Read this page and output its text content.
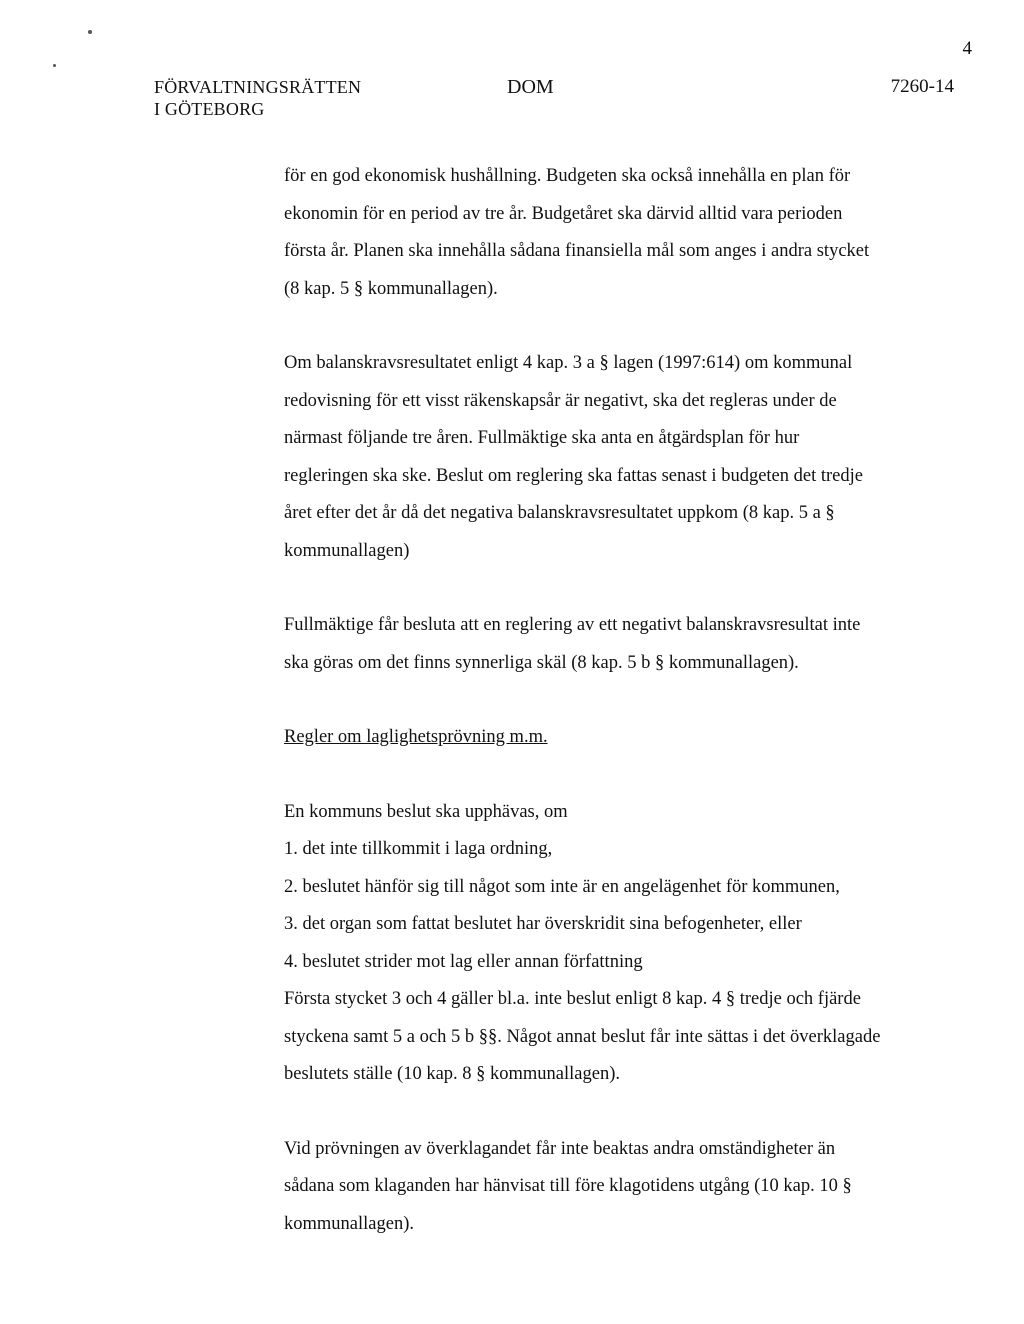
4
FÖRVALTNINGSRÄTTEN
I GÖTEBORG
DOM	7260-14

för en god ekonomisk hushållning. Budgeten ska också innehålla en plan för ekonomin för en period av tre år. Budgetåret ska därvid alltid vara perioden första år. Planen ska innehålla sådana finansiella mål som anges i andra stycket (8 kap. 5 § kommunallagen).

Om balanskravsresultatet enligt 4 kap. 3 a § lagen (1997:614) om kommunal redovisning för ett visst räkenskapsår är negativt, ska det regleras under de närmast följande tre åren. Fullmäktige ska anta en åtgärdsplan för hur regleringen ska ske. Beslut om reglering ska fattas senast i budgeten det tredje året efter det år då det negativa balanskravsresultatet uppkom (8 kap. 5 a § kommunallagen)

Fullmäktige får besluta att en reglering av ett negativt balanskravsresultat inte ska göras om det finns synnerliga skäl (8 kap. 5 b § kommunallagen).

Regler om laglighetsprövning m.m.

En kommuns beslut ska upphävas, om

1. det inte tillkommit i laga ordning,

2. beslutet hänför sig till något som inte är en angelägenhet för kommunen,

3. det organ som fattat beslutet har överskridit sina befogenheter, eller

4. beslutet strider mot lag eller annan författning

Första stycket 3 och 4 gäller bl.a. inte beslut enligt 8 kap. 4 § tredje och fjärde styckena samt 5 a och 5 b §§. Något annat beslut får inte sättas i det överklagade beslutets ställe (10 kap. 8 § kommunallagen).

Vid prövningen av överklagandet får inte beaktas andra omständigheter än sådana som klaganden har hänvisat till före klagotidens utgång (10 kap. 10 § kommunallagen).
